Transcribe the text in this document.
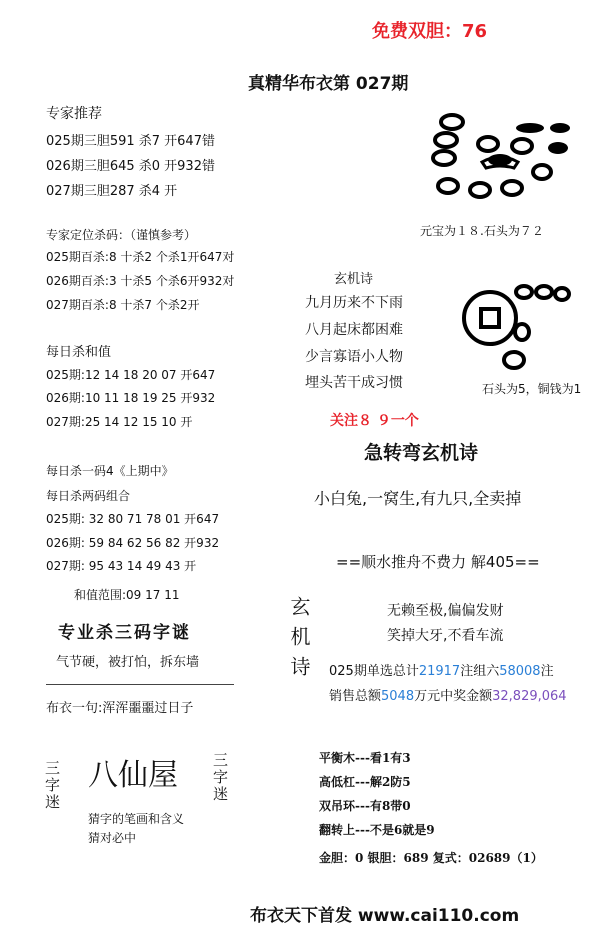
免费双胆：76
真精华布衣第 027期
专家推荐
025期三胆591 杀7 开647错
026期三胆645 杀0 开932错
027期三胆287 杀4 开
专家定位杀码：（谨慎参考）
025期百杀:8 十杀2 个杀1开647对
026期百杀:3 十杀5 个杀6开932对
027期百杀:8 十杀7 个杀2开
每日杀和值
025期:12 14 18 20 07 开647
026期:10 11 18 19 25 开932
027期:25 14 12 15 10 开
每日杀一码4《上期中》
每日杀两码组合
025期: 32 80 71 78 01 开647
026期: 59 84 62 56 82 开932
027期: 95 43 14 49 43 开
和值范围:09 17 11
专业杀三码字谜
气节硬，被打怕，拆东墙
布衣一句:浑浑噩噩过日子
三字迷 八仙屋 三字迷
猜字的笔画和含义
猜对必中
元宝为１８.石头为７２
玄机诗
九月历来不下雨
八月起床都困难
少言寡语小人物
埋头苦干成习惯	石头为5，铜钱为1
关注８ ９一个
急转弯玄机诗
小白兔,一窝生,有九只,全卖掉
==顺水推舟不费力 解405==
玄机诗	无赖至极,偏偏发财
笑掉大牙,不看车流
025期单选总计21917注组六58008注
销售总额5048万元中奖金额32,829,064
平衡木---看1有3
高低杠---解2防5
双吊环---有8带0
翻转上---不是6就是9
金胆：0 银胆：689 复式：02689（1）
布衣天下首发 www.cai110.com
